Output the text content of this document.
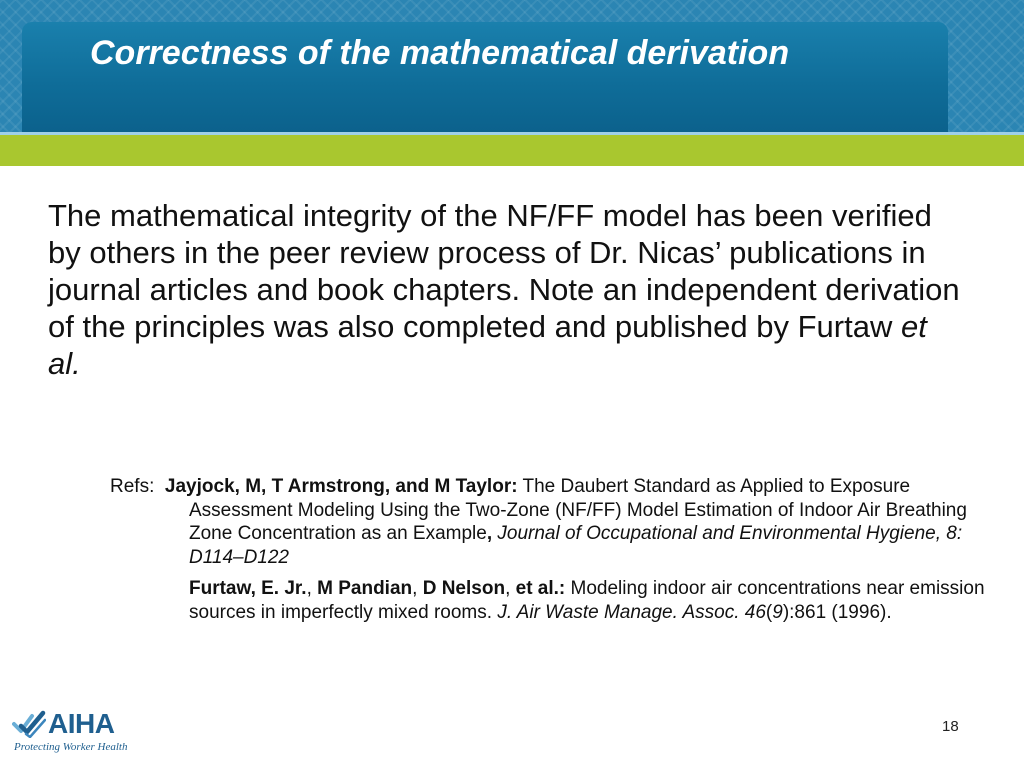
Correctness of the mathematical derivation

The mathematical integrity of the NF/FF model has been verified by others in the peer review process of Dr. Nicas’ publications in journal articles and book chapters. Note an independent derivation of the principles was also completed and published by Furtaw et al.

Refs: Jayjock, M, T Armstrong, and M Taylor: The Daubert Standard as Applied to Exposure Assessment Modeling Using the Two-Zone (NF/FF) Model Estimation of Indoor Air Breathing Zone Concentration as an Example, Journal of Occupational and Environmental Hygiene, 8: D114–D122

Furtaw, E. Jr., M Pandian, D Nelson, et al.: Modeling indoor air concentrations near emission sources in imperfectly mixed rooms. J. Air Waste Manage. Assoc. 46(9):861 (1996).

AIHA

Protecting Worker Health

18
